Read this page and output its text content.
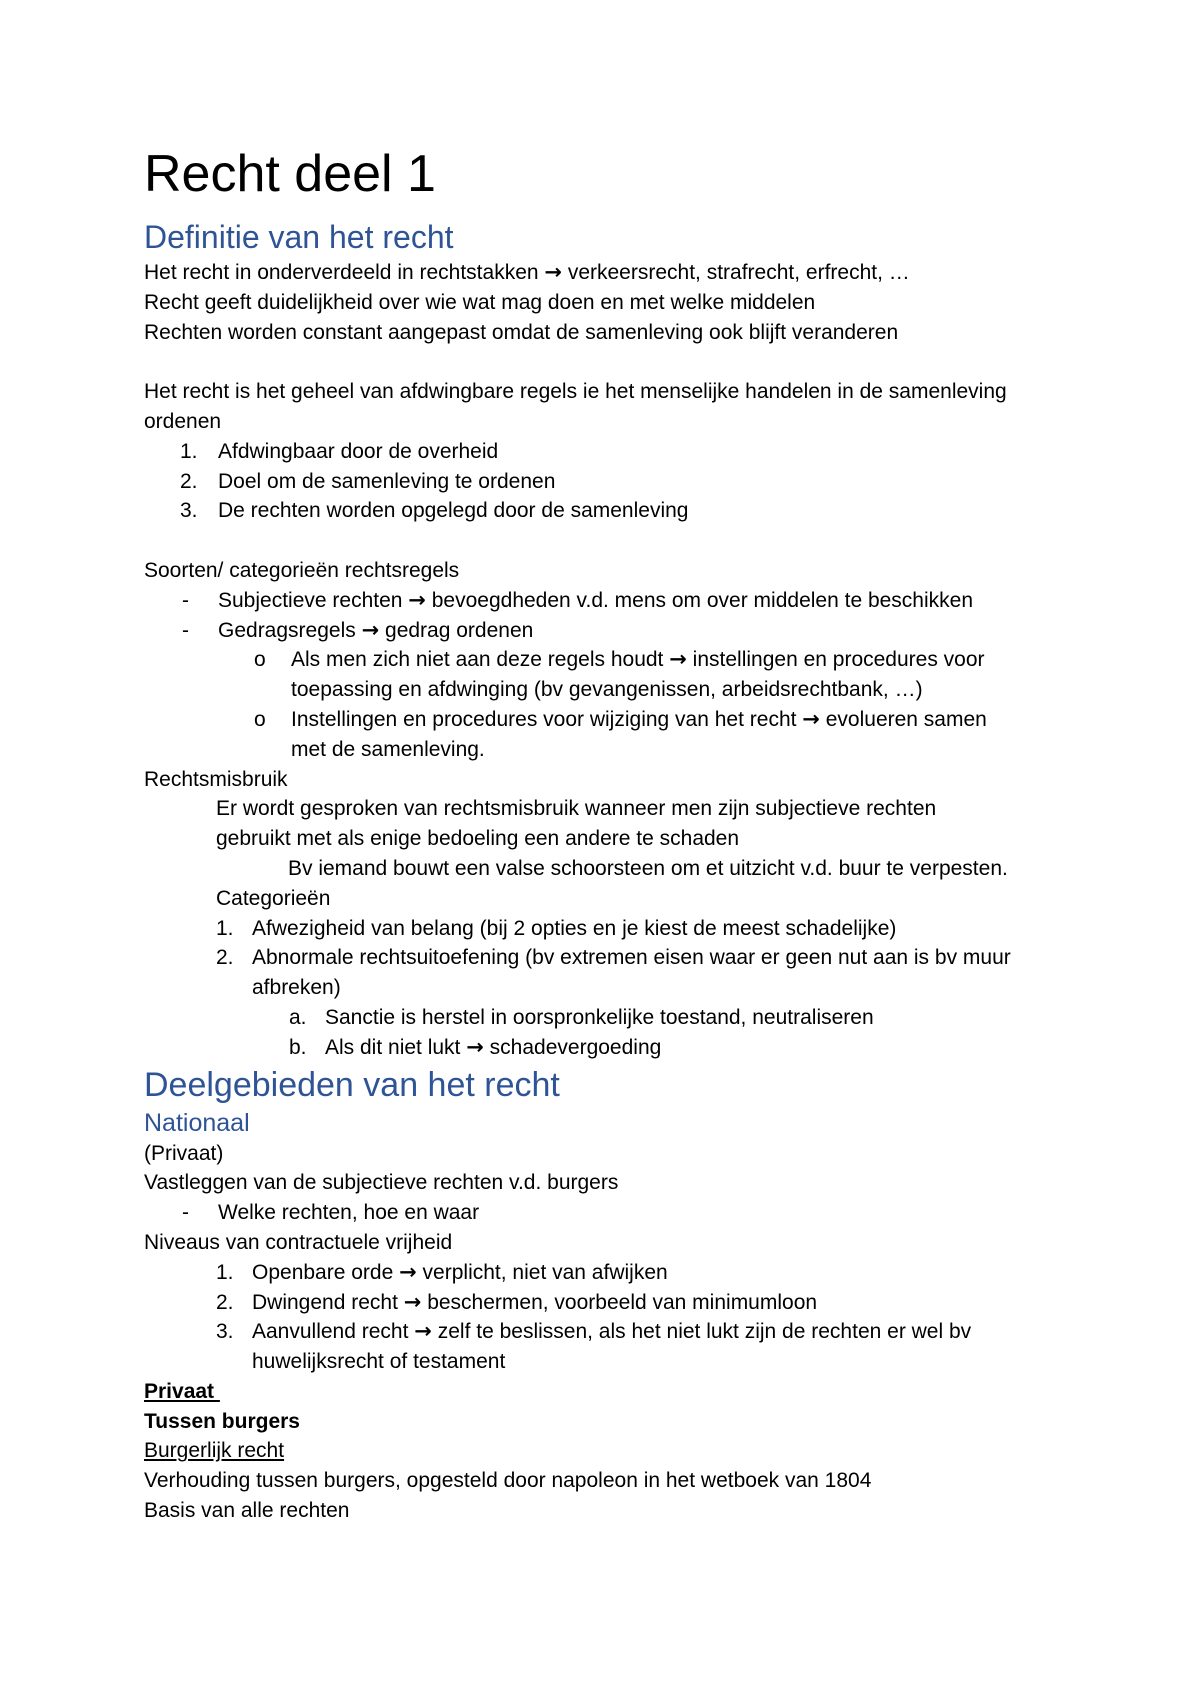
Recht deel 1
Definitie van het recht
Het recht in onderverdeeld in rechtstakken → verkeersrecht, strafrecht, erfrecht, …
Recht geeft duidelijkheid over wie wat mag doen en met welke middelen
Rechten worden constant aangepast omdat de samenleving ook blijft veranderen
Het recht is het geheel van afdwingbare regels ie het menselijke handelen in de samenleving
ordenen
1. Afdwingbaar door de overheid
2. Doel om de samenleving te ordenen
3. De rechten worden opgelegd door de samenleving
Soorten/ categorieën rechtsregels
-	Subjectieve rechten → bevoegdheden v.d. mens om over middelen te beschikken
-	Gedragsregels → gedrag ordenen
o	Als men zich niet aan deze regels houdt → instellingen en procedures voor
toepassing en afdwinging (bv gevangenissen, arbeidsrechtbank, …)
o	Instellingen en procedures voor wijziging van het recht → evolueren samen
met de samenleving.
Rechtsmisbruik
Er wordt gesproken van rechtsmisbruik wanneer men zijn subjectieve rechten
gebruikt met als enige bedoeling een andere te schaden
Bv iemand bouwt een valse schoorsteen om et uitzicht v.d. buur te verpesten.
Categorieën
1. Afwezigheid van belang (bij 2 opties en je kiest de meest schadelijke)
2. Abnormale rechtsuitoefening (bv extremen eisen waar er geen nut aan is bv muur
afbreken)
a. Sanctie is herstel in oorspronkelijke toestand, neutraliseren
b. Als dit niet lukt → schadevergoeding
Deelgebieden van het recht
Nationaal
(Privaat)
Vastleggen van de subjectieve rechten v.d. burgers
-	Welke rechten, hoe en waar
Niveaus van contractuele vrijheid
1. Openbare orde → verplicht, niet van afwijken
2. Dwingend recht → beschermen, voorbeeld van minimumloon
3. Aanvullend recht → zelf te beslissen, als het niet lukt zijn de rechten er wel bv
huwelijksrecht of testament
Privaat
Tussen burgers
Burgerlijk recht
Verhouding tussen burgers, opgesteld door napoleon in het wetboek van 1804
Basis van alle rechten
